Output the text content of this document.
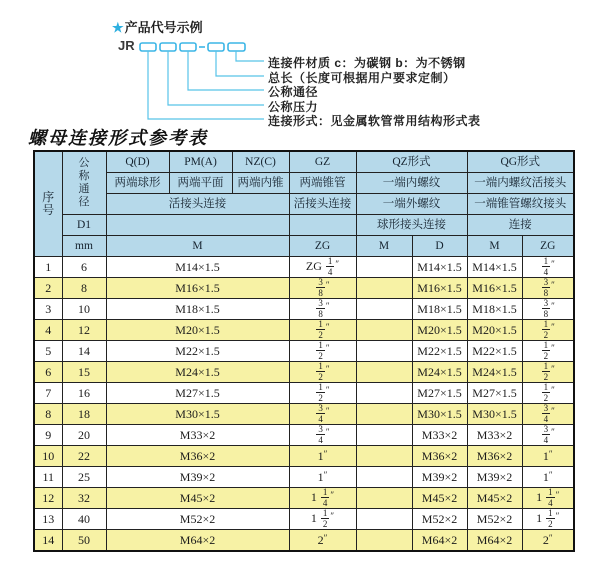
★产品代号示例
JR
连接件材质 c：为碳钢 b：为不锈钢
总长（长度可根据用户要求定制）
公称通径
公称压力
连接形式：见金属软管常用结构形式表
螺母连接形式参考表
序
号	公
称
通
径	Q(D)	PM(A)	NZ(C)	GZ	QZ形式		QG形式	
		两端球形	两端平面	两端内锥	两端锥管	一端内螺纹		一端内螺纹活接头	
		活接头连接			活接头连接	一端外螺纹		一端锥管螺纹接头	
	D1					球形接头连接		连接	
	mm	M			ZG	M	D	M	ZG
1	6	M14×1.5			ZG $\frac{1}{4} ''$		M14×1.5	M14×1.5	$\frac{1}{4} ''$
2	8	M16×1.5			$\frac{3}{8} ''$		M16×1.5	M16×1.5	$\frac{3}{8} ''$
3	10	M18×1.5			$\frac{3}{8} ''$		M18×1.5	M18×1.5	$\frac{3}{8} ''$
4	12	M20×1.5			$\frac{1}{2} ''$		M20×1.5	M20×1.5	$\frac{1}{2} ''$
5	14	M22×1.5			$\frac{1}{2} ''$		M22×1.5	M22×1.5	$\frac{1}{2} ''$
6	15	M24×1.5			$\frac{1}{2} ''$		M24×1.5	M24×1.5	$\frac{1}{2} ''$
7	16	M27×1.5			$\frac{1}{2} ''$		M27×1.5	M27×1.5	$\frac{1}{2} ''$
8	18	M30×1.5			$\frac{3}{4} ''$		M30×1.5	M30×1.5	$\frac{3}{4} ''$
9	20	M33×2			$\frac{3}{4} ''$		M33×2	M33×2	$\frac{3}{4} ''$
10	22	M36×2			1″		M36×2	M36×2	1″
11	25	M39×2			1″		M39×2	M39×2	1″
12	32	M45×2			$1 \frac{1}{4} ''$		M45×2	M45×2	$1 \frac{1}{4} ''$
13	40	M52×2			$1 \frac{1}{2} ''$		M52×2	M52×2	$1 \frac{1}{2} ''$
14	50	M64×2			2″		M64×2	M64×2	2″
